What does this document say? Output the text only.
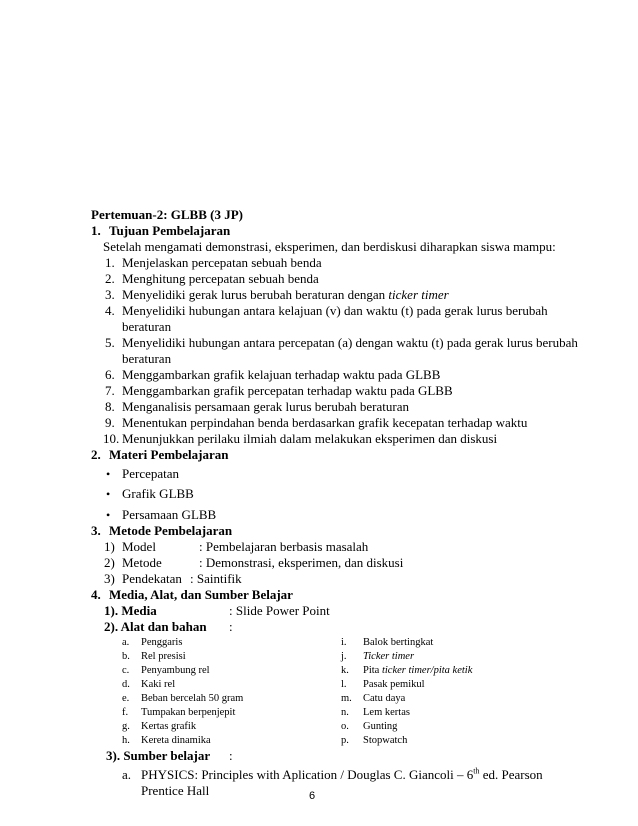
Pertemuan-2: GLBB (3 JP)
1. Tujuan Pembelajaran
Setelah mengamati demonstrasi, eksperimen, dan berdiskusi diharapkan siswa mampu:
1. Menjelaskan percepatan sebuah benda
2. Menghitung percepatan sebuah benda
3. Menyelidiki gerak lurus berubah beraturan dengan ticker timer
4. Menyelidiki hubungan antara kelajuan (v) dan waktu (t) pada gerak lurus berubah
beraturan
5. Menyelidiki hubungan antara percepatan (a) dengan waktu (t) pada gerak lurus berubah
beraturan
6. Menggambarkan grafik kelajuan terhadap waktu pada GLBB
7. Menggambarkan grafik percepatan terhadap waktu pada GLBB
8. Menganalisis persamaan gerak lurus berubah beraturan
9. Menentukan perpindahan benda berdasarkan grafik kecepatan terhadap waktu
10. Menunjukkan perilaku ilmiah dalam melakukan eksperimen dan diskusi
2. Materi Pembelajaran
• Percepatan
• Grafik GLBB
• Persamaan GLBB
3. Metode Pembelajaran
1) Model	: Pembelajaran berbasis masalah
2) Metode	: Demonstrasi, eksperimen, dan diskusi
3) Pendekatan : Saintifik
4. Media, Alat, dan Sumber Belajar
1). Media	: Slide Power Point
2). Alat dan bahan :
a. Penggaris
b. Rel presisi
c. Penyambung rel
d. Kaki rel
e. Beban bercelah 50 gram
f. Tumpakan berpenjepit
g. Kertas grafik
h. Kereta dinamika
i. Balok bertingkat
j. Ticker timer
k. Pita ticker timer/pita ketik
l. Pasak pemikul
m. Catu daya
n. Lem kertas
o. Gunting
p. Stopwatch
3). Sumber belajar :
a. PHYSICS: Principles with Aplication / Douglas C. Giancoli – 6th ed. Pearson
Prentice Hall	6
